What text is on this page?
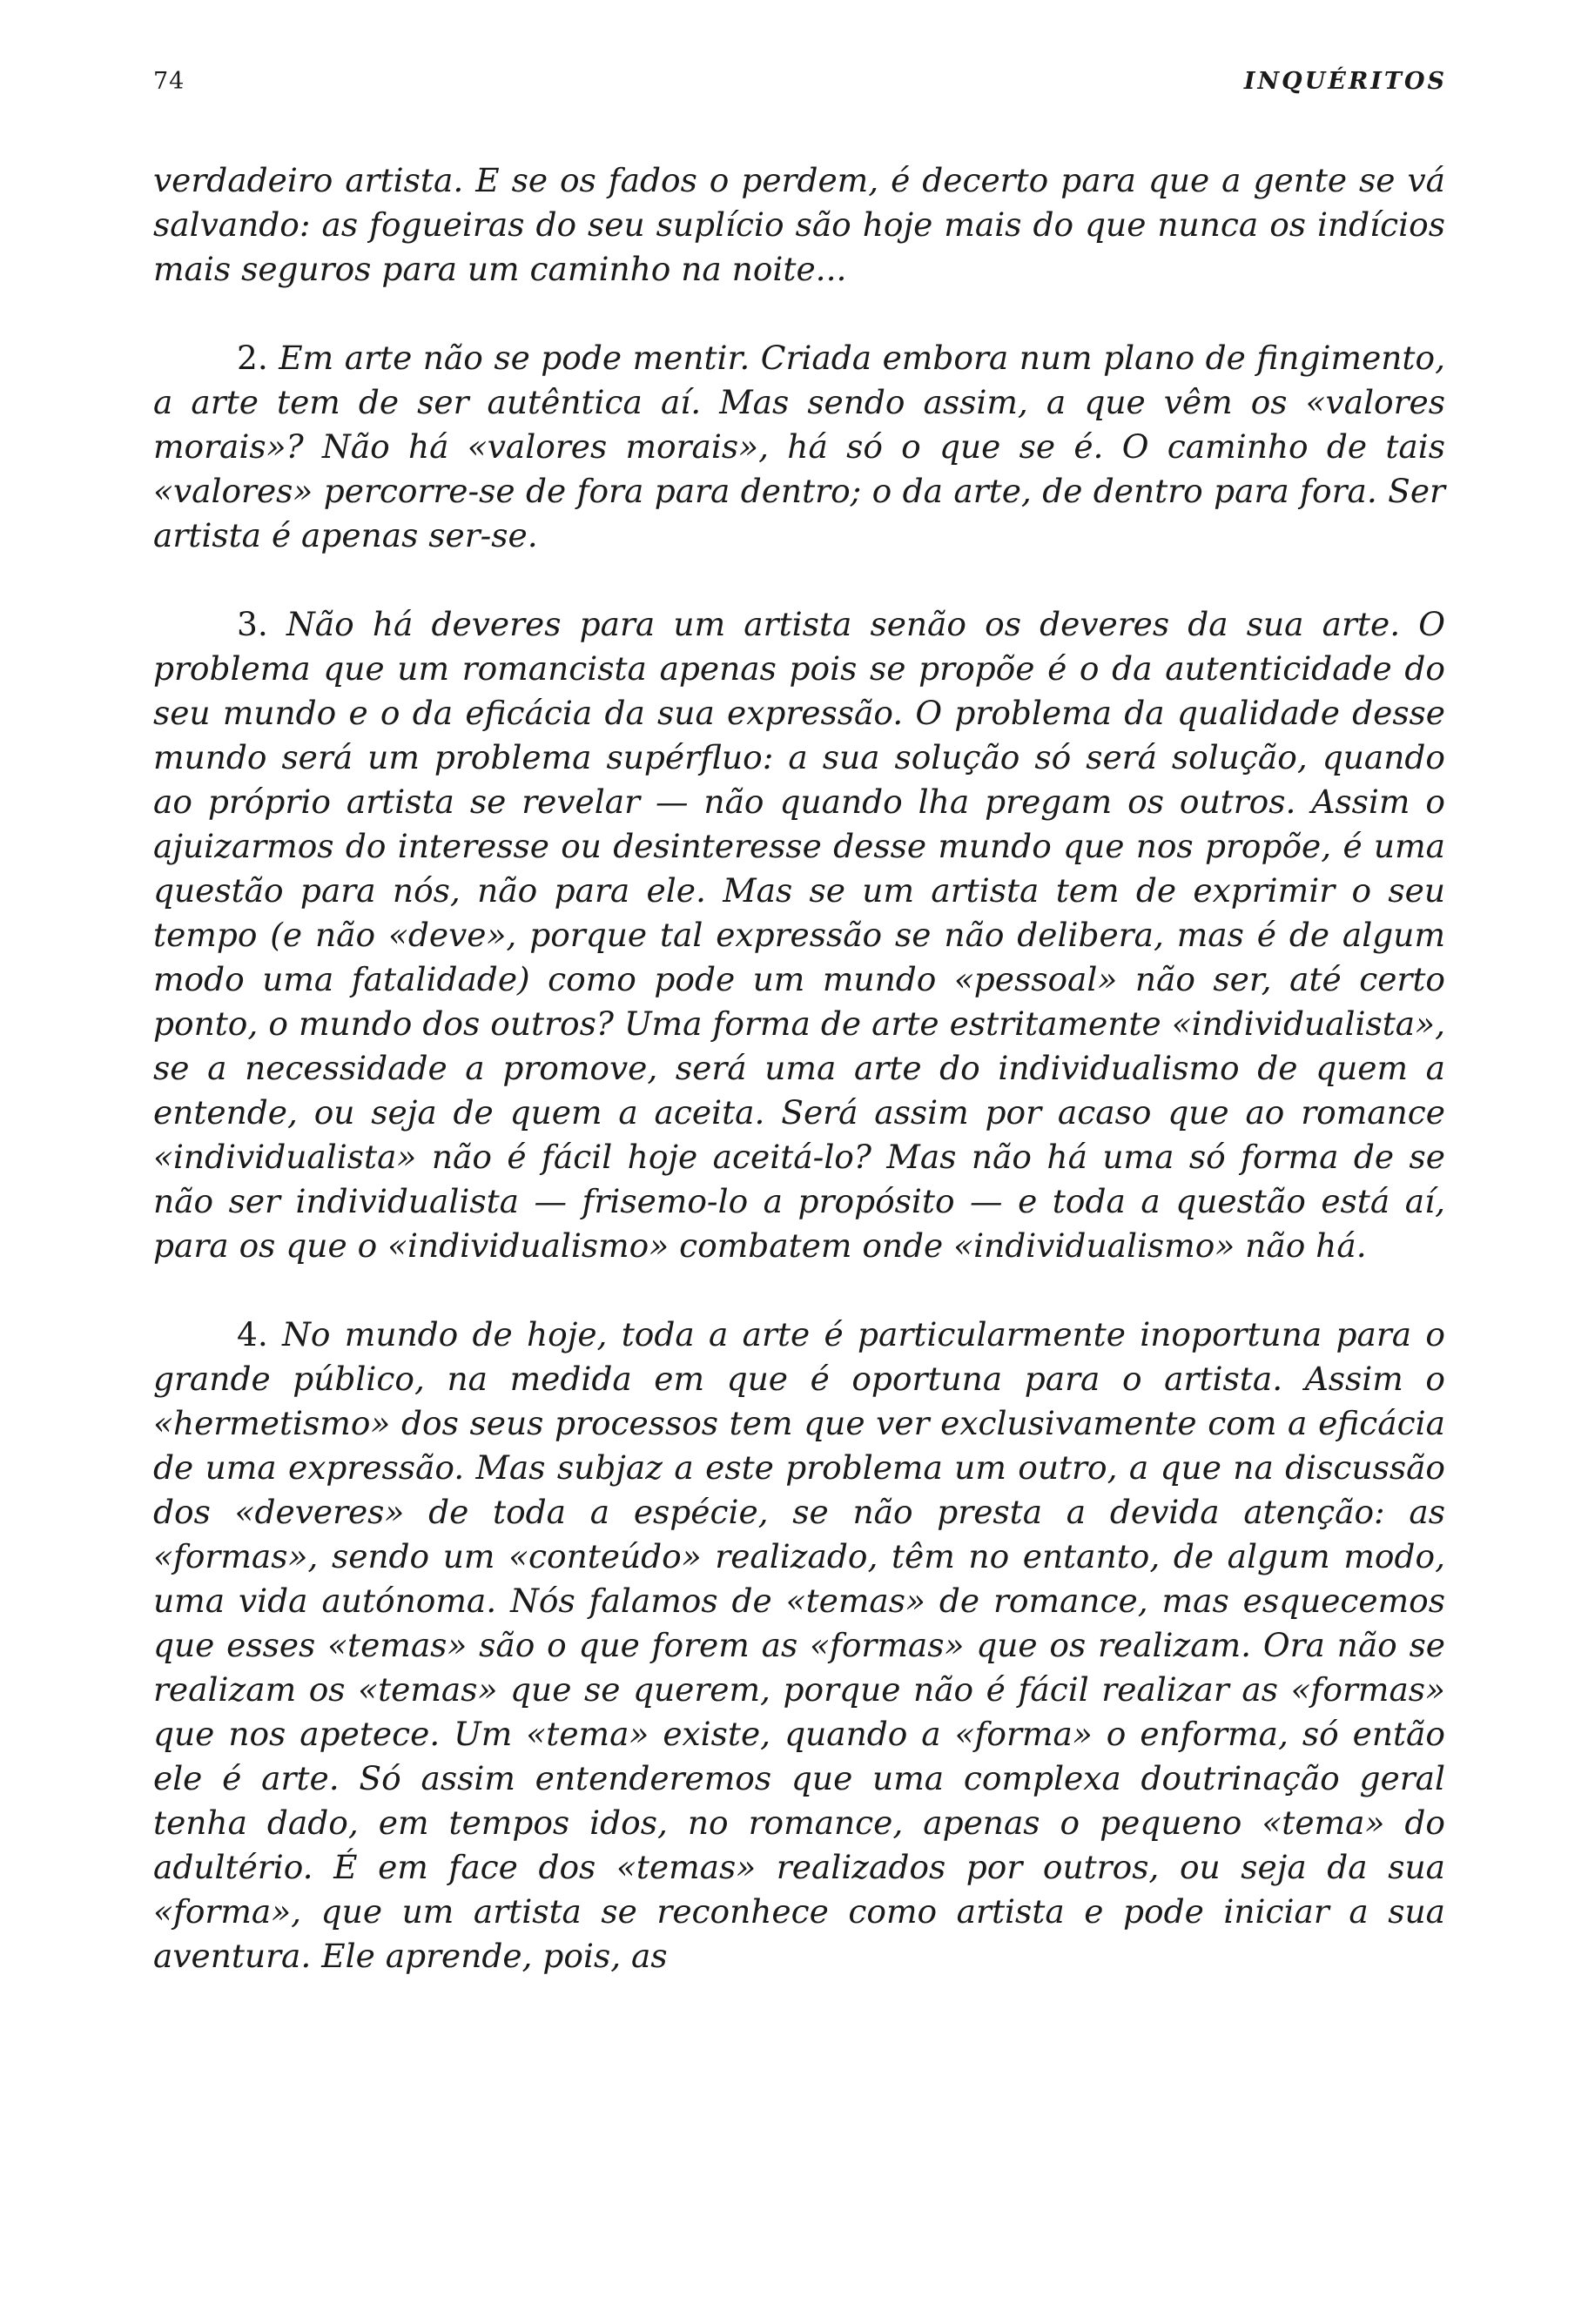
74	INQUÉRITOS

verdadeiro artista. E se os fados o perdem, é decerto para que a gente se vá salvando: as fogueiras do seu suplício são hoje mais do que nunca os indícios mais seguros para um caminho na noite...

2. Em arte não se pode mentir. Criada embora num plano de fingimento, a arte tem de ser autêntica aí. Mas sendo assim, a que vêm os «valores morais»? Não há «valores morais», há só o que se é. O caminho de tais «valores» percorre-se de fora para dentro; o da arte, de dentro para fora. Ser artista é apenas ser-se.

3. Não há deveres para um artista senão os deveres da sua arte. O problema que um romancista apenas pois se propõe é o da autenticidade do seu mundo e o da eficácia da sua expressão. O problema da qualidade desse mundo será um problema supérfluo: a sua solução só será solução, quando ao próprio artista se revelar — não quando lha pregam os outros. Assim o ajuizarmos do interesse ou desinteresse desse mundo que nos propõe, é uma questão para nós, não para ele. Mas se um artista tem de exprimir o seu tempo (e não «deve», porque tal expressão se não delibera, mas é de algum modo uma fatalidade) como pode um mundo «pessoal» não ser, até certo ponto, o mundo dos outros? Uma forma de arte estritamente «individualista», se a necessidade a promove, será uma arte do individualismo de quem a entende, ou seja de quem a aceita. Será assim por acaso que ao romance «individualista» não é fácil hoje aceitá-lo? Mas não há uma só forma de se não ser individualista — frisemo-lo a propósito — e toda a questão está aí, para os que o «individualismo» combatem onde «individualismo» não há.

4. No mundo de hoje, toda a arte é particularmente inoportuna para o grande público, na medida em que é oportuna para o artista. Assim o «hermetismo» dos seus processos tem que ver exclusivamente com a eficácia de uma expressão. Mas subjaz a este problema um outro, a que na discussão dos «deveres» de toda a espécie, se não presta a devida atenção: as «formas», sendo um «conteúdo» realizado, têm no entanto, de algum modo, uma vida autónoma. Nós falamos de «temas» de romance, mas esquecemos que esses «temas» são o que forem as «formas» que os realizam. Ora não se realizam os «temas» que se querem, porque não é fácil realizar as «formas» que nos apetece. Um «tema» existe, quando a «forma» o enforma, só então ele é arte. Só assim entenderemos que uma complexa doutrinação geral tenha dado, em tempos idos, no romance, apenas o pequeno «tema» do adultério. É em face dos «temas» realizados por outros, ou seja da sua «forma», que um artista se reconhece como artista e pode iniciar a sua aventura. Ele aprende, pois, as
